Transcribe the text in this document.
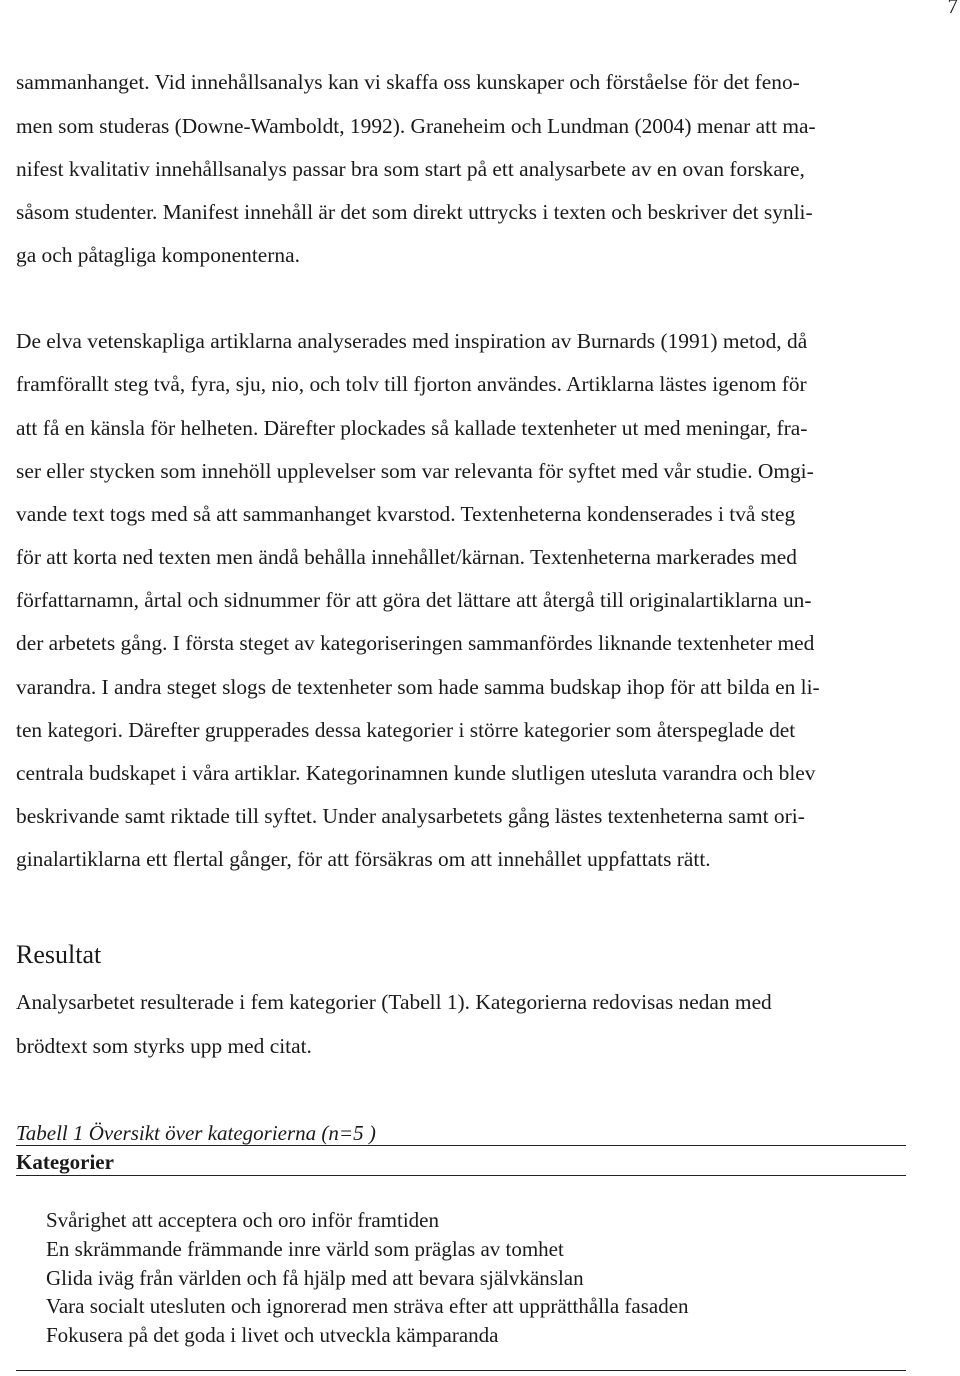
7
sammanhanget. Vid innehållsanalys kan vi skaffa oss kunskaper och förståelse för det feno-
men som studeras (Downe-Wamboldt, 1992). Graneheim och Lundman (2004) menar att ma-
nifest kvalitativ innehållsanalys passar bra som start på ett analysarbete av en ovan forskare,
såsom studenter. Manifest innehåll är det som direkt uttrycks i texten och beskriver det synli-
ga och påtagliga komponenterna.
De elva vetenskapliga artiklarna analyserades med inspiration av Burnards (1991) metod, då
framförallt steg två, fyra, sju, nio, och tolv till fjorton användes. Artiklarna lästes igenom för
att få en känsla för helheten. Därefter plockades så kallade textenheter ut med meningar, fra-
ser eller stycken som innehöll upplevelser som var relevanta för syftet med vår studie. Omgi-
vande text togs med så att sammanhanget kvarstod. Textenheterna kondenserades i två steg
för att korta ned texten men ändå behålla innehållet/kärnan. Textenheterna markerades med
författarnamn, årtal och sidnummer för att göra det lättare att återgå till originalartiklarna un-
der arbetets gång. I första steget av kategoriseringen sammanfördes liknande textenheter med
varandra. I andra steget slogs de textenheter som hade samma budskap ihop för att bilda en li-
ten kategori. Därefter grupperades dessa kategorier i större kategorier som återspeglade det
centrala budskapet i våra artiklar. Kategorinamnen kunde slutligen utesluta varandra och blev
beskrivande samt riktade till syftet. Under analysarbetets gång lästes textenheterna samt ori-
ginalartiklarna ett flertal gånger, för att försäkras om att innehållet uppfattats rätt.
Resultat
Analysarbetet resulterade i fem kategorier (Tabell 1). Kategorierna redovisas nedan med
brödtext som styrks upp med citat.
Tabell 1 Översikt över kategorierna (n=5 )
Kategorier
Svårighet att acceptera och oro inför framtiden
En skrämmande främmande inre värld som präglas av tomhet
Glida iväg från världen och få hjälp med att bevara självkänslan
Vara socialt utesluten och ignorerad men sträva efter att upprätthålla fasaden
Fokusera på det goda i livet och utveckla kämparanda
